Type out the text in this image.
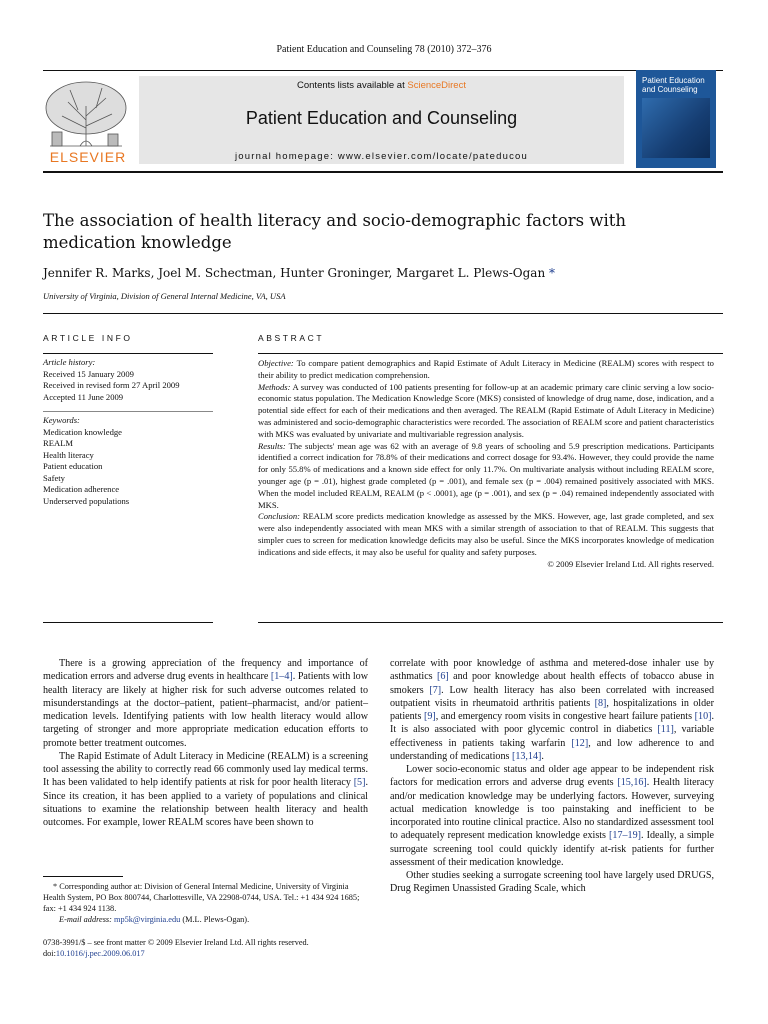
Patient Education and Counseling 78 (2010) 372–376
ELSEVIER
Contents lists available at ScienceDirect
Patient Education and Counseling
journal homepage: www.elsevier.com/locate/pateducou
Patient Education and Counseling
The association of health literacy and socio-demographic factors with medication knowledge
Jennifer R. Marks, Joel M. Schectman, Hunter Groninger, Margaret L. Plews-Ogan *
University of Virginia, Division of General Internal Medicine, VA, USA
ARTICLE INFO
Article history:
Received 15 January 2009
Received in revised form 27 April 2009
Accepted 11 June 2009
Keywords:
Medication knowledge
REALM
Health literacy
Patient education
Safety
Medication adherence
Underserved populations
ABSTRACT

Objective: To compare patient demographics and Rapid Estimate of Adult Literacy in Medicine (REALM) scores with respect to their ability to predict medication comprehension.

Methods: A survey was conducted of 100 patients presenting for follow-up at an academic primary care clinic serving a low socio-economic status population. The Medication Knowledge Score (MKS) consisted of knowledge of drug name, dose, indication, and a potential side effect for each of their medications and then averaged. The REALM (Rapid Estimate of Adult Literacy in Medicine) was administered and socio-demographic characteristics were recorded. The association of REALM score and patient characteristics with MKS was evaluated by univariate and multivariable regression analysis.

Results: The subjects' mean age was 62 with an average of 9.8 years of schooling and 5.9 prescription medications. Participants identified a correct indication for 78.8% of their medications and correct dosage for 93.4%. However, they could provide the name for only 55.8% of medications and a known side effect for only 11.7%. On multivariate analysis without including REALM score, younger age (p = .01), highest grade completed (p = .001), and female sex (p = .004) remained positively associated with MKS. When the model included REALM, REALM (p < .0001), age (p = .001), and sex (p = .04) remained independently associated with MKS.

Conclusion: REALM score predicts medication knowledge as assessed by the MKS. However, age, last grade completed, and sex were also independently associated with mean MKS with a similar strength of association to that of REALM. This suggests that simpler cues to screen for medication knowledge deficits may also be useful. Since the MKS incorporates knowledge of medication indications and side effects, it may also be useful for quality and safety purposes.

© 2009 Elsevier Ireland Ltd. All rights reserved.

There is a growing appreciation of the frequency and importance of medication errors and adverse drug events in healthcare [1–4]. Patients with low health literacy are likely at higher risk for such adverse outcomes related to misunderstandings at the doctor–patient, patient–pharmacist, and/or patient–medication levels. Identifying patients with low health literacy would allow targeting of stronger and more appropriate medication education efforts to promote better treatment outcomes.

The Rapid Estimate of Adult Literacy in Medicine (REALM) is a screening tool assessing the ability to correctly read 66 commonly used lay medical terms. It has been validated to help identify patients at risk for poor health literacy [5]. Since its creation, it has been applied to a variety of populations and clinical situations to examine the relationship between health literacy and health outcomes. For example, lower REALM scores have been shown to

correlate with poor knowledge of asthma and metered-dose inhaler use by asthmatics [6] and poor knowledge about health effects of tobacco abuse in smokers [7]. Low health literacy has also been correlated with increased outpatient visits in rheumatoid arthritis patients [8], hospitalizations in older patients [9], and emergency room visits in congestive heart failure patients [10]. It is also associated with poor glycemic control in diabetics [11], variable effectiveness in patients taking warfarin [12], and low adherence to and understanding of medications [13,14].

Lower socio-economic status and older age appear to be independent risk factors for medication errors and adverse drug events [15,16]. Health literacy and/or medication knowledge may be underlying factors. However, surveying actual medication knowledge is too painstaking and inefficient to be incorporated into routine clinical practice. Also no standardized assessment tool to adequately represent medication knowledge exists [17–19]. Ideally, a simple surrogate screening tool could quickly identify at-risk patients for further assessment of their medication knowledge.

Other studies seeking a surrogate screening tool have largely used DRUGS, Drug Regimen Unassisted Grading Scale, which

* Corresponding author at: Division of General Internal Medicine, University of Virginia Health System, PO Box 800744, Charlottesville, VA 22908-0744, USA. Tel.: +1 434 924 1685; fax: +1 434 924 1138.
E-mail address: mp5k@virginia.edu (M.L. Plews-Ogan).
0738-3991/$ – see front matter © 2009 Elsevier Ireland Ltd. All rights reserved.
doi:10.1016/j.pec.2009.06.017
